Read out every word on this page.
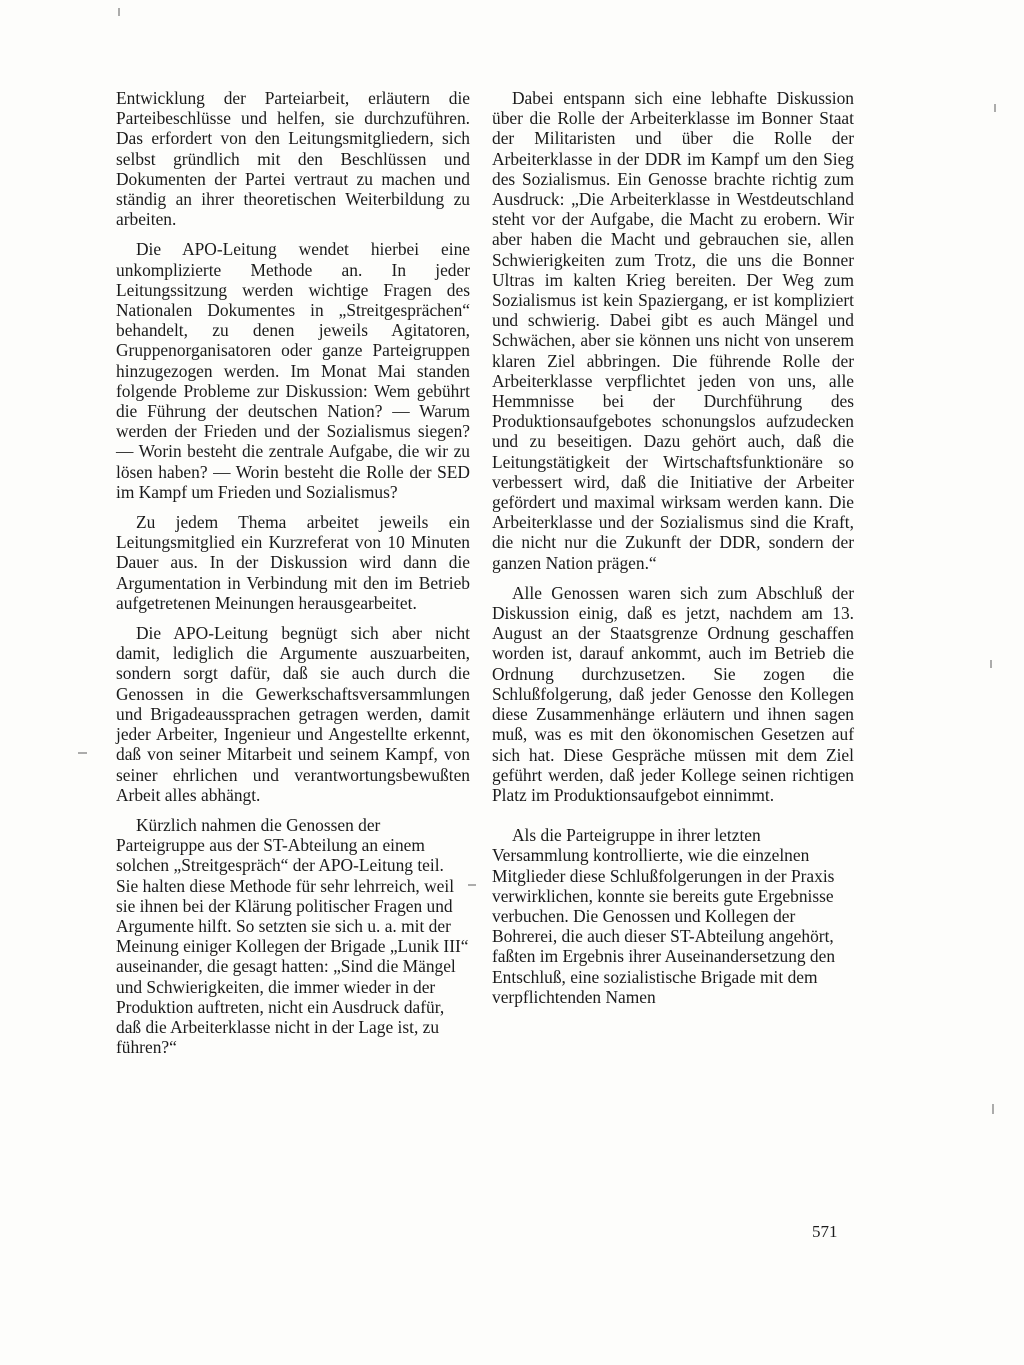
Entwicklung der Parteiarbeit, erläutern die Parteibeschlüsse und helfen, sie durchzuführen. Das erfordert von den Leitungsmitgliedern, sich selbst gründlich mit den Beschlüssen und Dokumenten der Partei vertraut zu machen und ständig an ihrer theoretischen Weiterbildung zu arbeiten.

Die APO-Leitung wendet hierbei eine unkomplizierte Methode an. In jeder Leitungssitzung werden wichtige Fragen des Nationalen Dokumentes in „Streitgesprächen“ behandelt, zu denen jeweils Agitatoren, Gruppenorganisatoren oder ganze Parteigruppen hinzugezogen werden. Im Monat Mai standen folgende Probleme zur Diskussion: Wem gebührt die Führung der deutschen Nation? — Warum werden der Frieden und der Sozialismus siegen? — Worin besteht die zentrale Aufgabe, die wir zu lösen haben? — Worin besteht die Rolle der SED im Kampf um Frieden und Sozialismus?

Zu jedem Thema arbeitet jeweils ein Leitungsmitglied ein Kurzreferat von 10 Minuten Dauer aus. In der Diskussion wird dann die Argumentation in Verbindung mit den im Betrieb aufgetretenen Meinungen herausgearbeitet.

Die APO-Leitung begnügt sich aber nicht damit, lediglich die Argumente auszuarbeiten, sondern sorgt dafür, daß sie auch durch die Genossen in die Gewerkschaftsversammlungen und Brigadeaussprachen getragen werden, damit jeder Arbeiter, Ingenieur und Angestellte erkennt, daß von seiner Mitarbeit und seinem Kampf, von seiner ehrlichen und verantwortungsbewußten Arbeit alles abhängt.

Kürzlich nahmen die Genossen der Parteigruppe aus der ST-Abteilung an einem solchen „Streitgespräch“ der APO-Leitung teil. Sie halten diese Methode für sehr lehrreich, weil sie ihnen bei der Klärung politischer Fragen und Argumente hilft. So setzten sie sich u. a. mit der Meinung einiger Kollegen der Brigade „Lunik III“ auseinander, die gesagt hatten: „Sind die Mängel und Schwierigkeiten, die immer wieder in der Produktion auftreten, nicht ein Ausdruck dafür, daß die Arbeiterklasse nicht in der Lage ist, zu führen?“

Dabei entspann sich eine lebhafte Diskussion über die Rolle der Arbeiterklasse im Bonner Staat der Militaristen und über die Rolle der Arbeiterklasse in der DDR im Kampf um den Sieg des Sozialismus. Ein Genosse brachte richtig zum Ausdruck: „Die Arbeiterklasse in Westdeutschland steht vor der Aufgabe, die Macht zu erobern. Wir aber haben die Macht und gebrauchen sie, allen Schwierigkeiten zum Trotz, die uns die Bonner Ultras im kalten Krieg bereiten. Der Weg zum Sozialismus ist kein Spaziergang, er ist kompliziert und schwierig. Dabei gibt es auch Mängel und Schwächen, aber sie können uns nicht von unserem klaren Ziel abbringen. Die führende Rolle der Arbeiterklasse verpflichtet jeden von uns, alle Hemmnisse bei der Durchführung des Produktionsaufgebotes schonungslos aufzudecken und zu beseitigen. Dazu gehört auch, daß die Leitungstätigkeit der Wirtschaftsfunktionäre so verbessert wird, daß die Initiative der Arbeiter gefördert und maximal wirksam werden kann. Die Arbeiterklasse und der Sozialismus sind die Kraft, die nicht nur die Zukunft der DDR, sondern der ganzen Nation prägen.“

Alle Genossen waren sich zum Abschluß der Diskussion einig, daß es jetzt, nachdem am 13. August an der Staatsgrenze Ordnung geschaffen worden ist, darauf ankommt, auch im Betrieb die Ordnung durchzusetzen. Sie zogen die Schlußfolgerung, daß jeder Genosse den Kollegen diese Zusammenhänge erläutern und ihnen sagen muß, was es mit den ökonomischen Gesetzen auf sich hat. Diese Gespräche müssen mit dem Ziel geführt werden, daß jeder Kollege seinen richtigen Platz im Produktionsaufgebot einnimmt.

Als die Parteigruppe in ihrer letzten Versammlung kontrollierte, wie die einzelnen Mitglieder diese Schlußfolgerungen in der Praxis verwirklichen, konnte sie bereits gute Ergebnisse verbuchen. Die Genossen und Kollegen der Bohrerei, die auch dieser ST-Abteilung angehört, faßten im Ergebnis ihrer Auseinandersetzung den Entschluß, eine sozialistische Brigade mit dem verpflichtenden Namen

571
